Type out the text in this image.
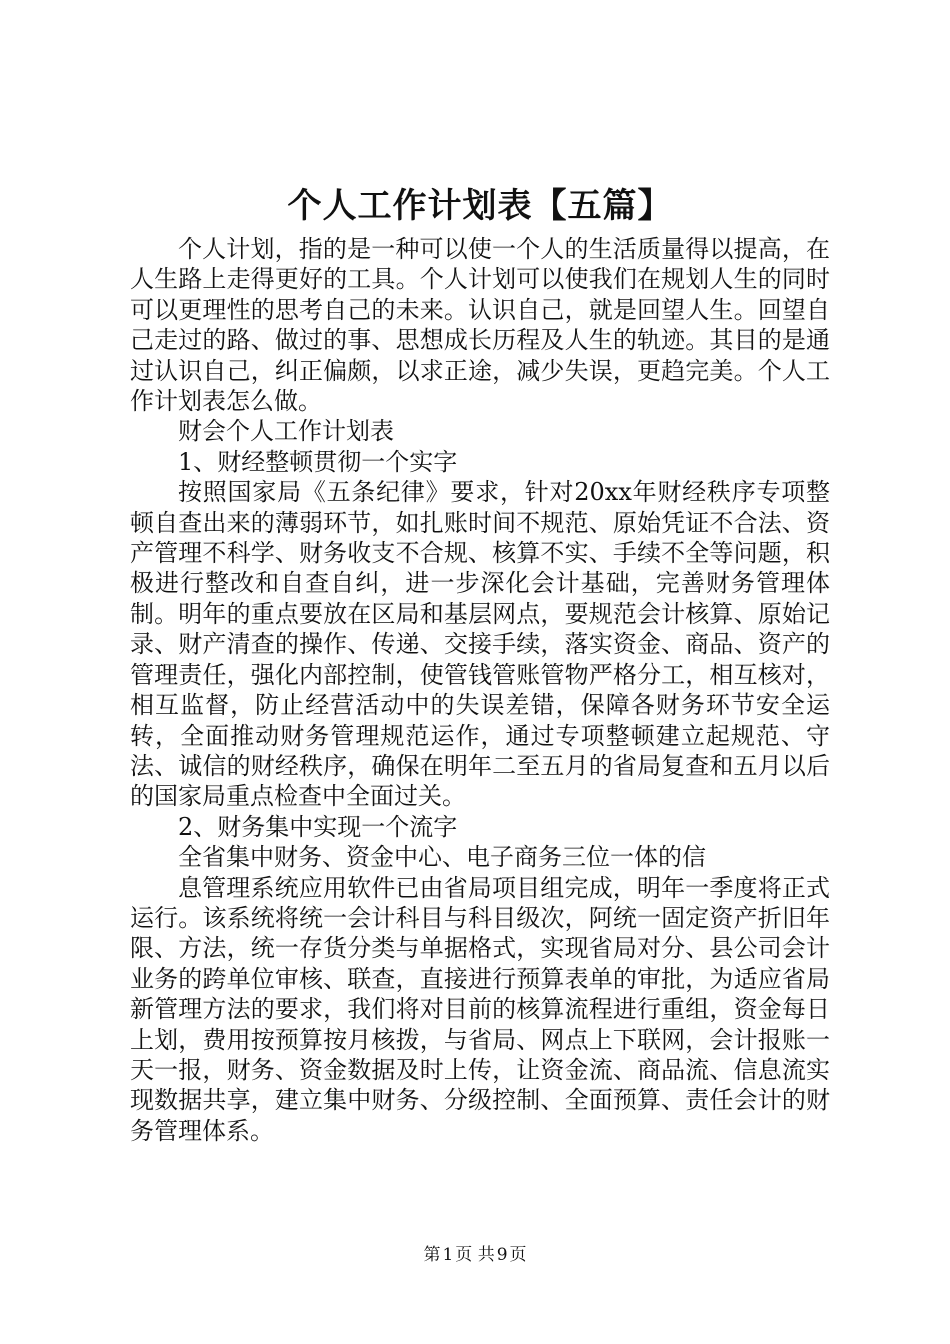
个人工作计划表【五篇】

个人计划，指的是一种可以使一个人的生活质量得以提高，在人生路上走得更好的工具。个人计划可以使我们在规划人生的同时可以更理性的思考自己的未来。认识自己，就是回望人生。回望自己走过的路、做过的事、思想成长历程及人生的轨迹。其目的是通过认识自己，纠正偏颇，以求正途，减少失误，更趋完美。个人工作计划表怎么做。

财会个人工作计划表

1、财经整顿贯彻一个实字

按照国家局《五条纪律》要求，针对20xx年财经秩序专项整顿自查出来的薄弱环节，如扎账时间不规范、原始凭证不合法、资产管理不科学、财务收支不合规、核算不实、手续不全等问题，积极进行整改和自查自纠，进一步深化会计基础，完善财务管理体制。明年的重点要放在区局和基层网点，要规范会计核算、原始记录、财产清查的操作、传递、交接手续，落实资金、商品、资产的管理责任，强化内部控制，使管钱管账管物严格分工，相互核对，相互监督，防止经营活动中的失误差错，保障各财务环节安全运转，全面推动财务管理规范运作，通过专项整顿建立起规范、守法、诚信的财经秩序，确保在明年二至五月的省局复查和五月以后的国家局重点检查中全面过关。

2、财务集中实现一个流字

全省集中财务、资金中心、电子商务三位一体的信

息管理系统应用软件已由省局项目组完成，明年一季度将正式运行。该系统将统一会计科目与科目级次，阿统一固定资产折旧年限、方法，统一存货分类与单据格式，实现省局对分、县公司会计业务的跨单位审核、联查，直接进行预算表单的审批，为适应省局新管理方法的要求，我们将对目前的核算流程进行重组，资金每日上划，费用按预算按月核拨，与省局、网点上下联网，会计报账一天一报，财务、资金数据及时上传，让资金流、商品流、信息流实现数据共享，建立集中财务、分级控制、全面预算、责任会计的财务管理体系。

第 1 页 共 9 页
